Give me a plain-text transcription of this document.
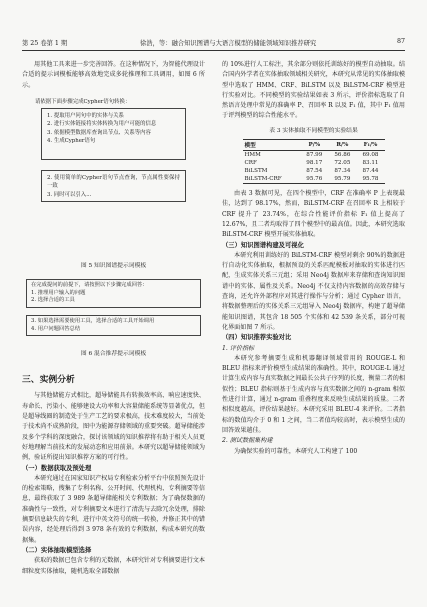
第 25 卷第 1 期	徐浩，等：融合知识图谱与大语言模型的储能领域知识推荐研究	87

用其他工具来进一步完善回答。在这种情况下，为智能代理设计合适的提示词模板能够高效地完成多轮推理和工具调用，如图 6 所示。

请依据下面步骤完成Cypher语句转换：

1. 提取用户问句中的实体与关系
2. 进行实体链接将实体转换为用户可能的信息
3. 依据模型数据库查询出节点、关系等内容
4. 生成Cypher语句

2. 使用简单的Cypher语句节点查询，节点属性要保持一致
3. 同时可以引入...

图 5 知识图谱提示词模板

在完成提问的前提下，请按照以下步骤完成回答：
1. 推理用户输入的问题
2. 选择合适的工具

3. 如果选择需要使用工具，选择合适的工具开始调用
4. 用户问题回答总结

图 6 混合推荐提示词模板

三、实例分析

与其他储能方式相比，超导储能具有转换效率高、响应速度快、寿命长、污染小、能够建设大功率和大容量储能系统等显著优点，但是超导线圈的制造处于生产工艺的要求极高，技术难度较大，当前处于技术尚不成熟阶段，图中为能源存储领域的重要突破。超导储能涉及多个学科的深度融合，探讨该领域的知识推荐将有助于相关人员更好地理解当前技术的发展动态和应用前景。本研究以超导储能领域为例，验证所提出知识推荐方案的可行性。

（一）数据获取及预处理

本研究通过在国家知识产权局专利检索分析平台中依照预先设计的检索策略，搜集了专利名称、公开时间、代理机构、专利摘要等信息，最终获取了 3 989 条超导储能相关专利数据；为了确保数据的准确性与一致性，对专利摘要文本进行了清洗与去除冗余处理，排除摘要信息缺失的专利，进行中英文符号的统一转换，并修正其中的错误内容，经处理后得到 3 978 条有效的专利数据，构成本研究的数据集。

（二）实体抽取模型选择

获取的数据已包含专利的元数据，本研究针对专利摘要进行文本细粒度实体抽取，随机选取全部数据

的 10%进行人工标注，其余部分则依托训练好的模型自动抽取。结合国内外学者在实体抽取领域相关研究，本研究从常见的实体抽取模型中选取了 HMM、CRF、BiLSTM 以及 BiLSTM-CRF 模型进行实验对比。不同模型的实验结果如表 3 所示，评价指标选取了自然语言处理中常见的准确率 P、召回率 R 以及 F₁ 值，其中 F₁ 值用于评判模型的综合性能水平。

表 3 实体抽取不同模型的实验结果

模型	P/%	R/%	F₁/%
HMM	87.99	56.86	69.08
CRF	98.17	72.05	83.11
BiLSTM	87.54	87.34	87.44
BiLSTM-CRF	95.76	95.79	95.78

由表 3 数据可见，在四个模型中，CRF 在准确率 P 上表现最佳，达到了 98.17%，然而，BiLSTM-CRF 在召回率 R 上相较于 CRF 提升了 23.74%，在综合性能评价指标 F₁ 值上提高了 12.67%，且二者均取得了四个模型中的最高值。因此，本研究选取 BiLSTM-CRF 模型开展实体抽取。

（三）知识图谱构建及可视化

本研究利用训练好的 BiLSTM-CRF 模型对剩余 90%的数据进行自动化实体抽取，根据预设的关系匹配模板对抽取的实体进行匹配，生成实体关系三元组；采用 Neo4j 数据库来存储和查询知识图谱中的实体、属性及关系。Neo4j 不仅支持内容数据的高效存储与查询，还允许外部程序对其进行操作与分析；通过 Cypher 语言，将数据整理后的实体关系三元组导入 Neo4j 数据库，构建了超导储能知识图谱，其包含 18 505 个实体和 42 539 条关系，部分可视化界面如图 7 所示。

（四）知识推荐实验对比
1. 评价指标

本研究参考摘要生成和机器翻译领域常用的 ROUGE-L 和 BLEU 指标来评价模型生成结果的准确性。其中，ROUGE-L 通过计算生成内容与真实数据之间最长公共子序列的长度，衡量二者的相似性；BLEU 指标则基于生成内容与真实数据之间的 n-gram 相似性进行计算，通过 n-gram 重叠程度来反映生成结果的质量。二者相似度越高，评价结果越好。本研究采用 BLEU-4 来评价。二者指标的数值均介于 0 和 1 之间，当二者值均较高时，表示模型生成的回答效果越佳。

2. 测试数据集构建

为确保实验的可靠性，本研究人工构建了 100
